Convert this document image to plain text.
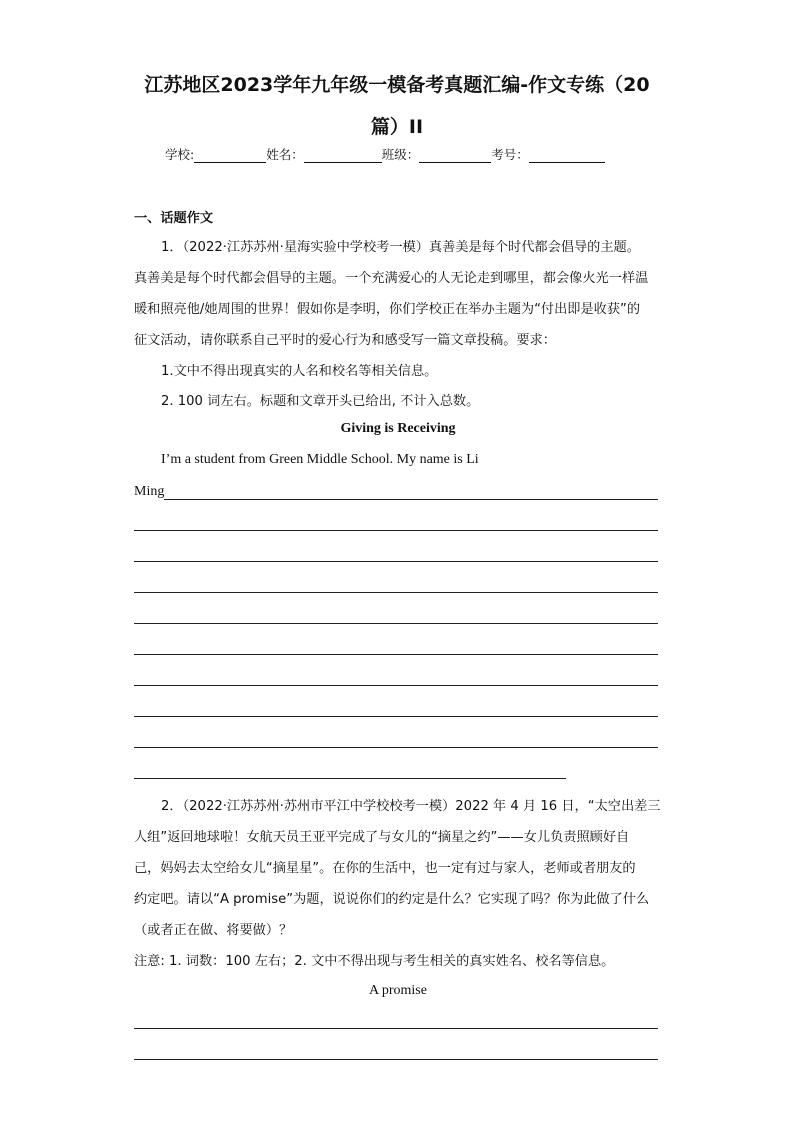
江苏地区2023学年九年级一模备考真题汇编-作文专练（20
篇）II
学校:	姓名：	班级：	考号：
一、话题作文
1．（2022·江苏苏州·星海实验中学校考一模）真善美是每个时代都会倡导的主题。
真善美是每个时代都会倡导的主题。一个充满爱心的人无论走到哪里，都会像火光一样温
暖和照亮他/她周围的世界！假如你是李明，你们学校正在举办主题为“付出即是收获”的
征文活动，请你联系自己平时的爱心行为和感受写一篇文章投稿。要求：
1.文中不得出现真实的人名和校名等相关信息。
2. 100 词左右。标题和文章开头已给出, 不计入总数。
Giving is Receiving
I’m a student from Green Middle School. My name is Li
Ming
2．（2022·江苏苏州·苏州市平江中学校校考一模）2022 年 4 月 16 日，“太空出差三
人组”返回地球啦！女航天员王亚平完成了与女儿的“摘星之约”——女儿负责照顾好自
己，妈妈去太空给女儿“摘星星”。在你的生活中，也一定有过与家人，老师或者朋友的
约定吧。请以“A promise”为题，说说你们的约定是什么？它实现了吗？你为此做了什么
（或者正在做、将要做）？
注意: 1. 词数：100 左右；2. 文中不得出现与考生相关的真实姓名、校名等信息。
A promise
